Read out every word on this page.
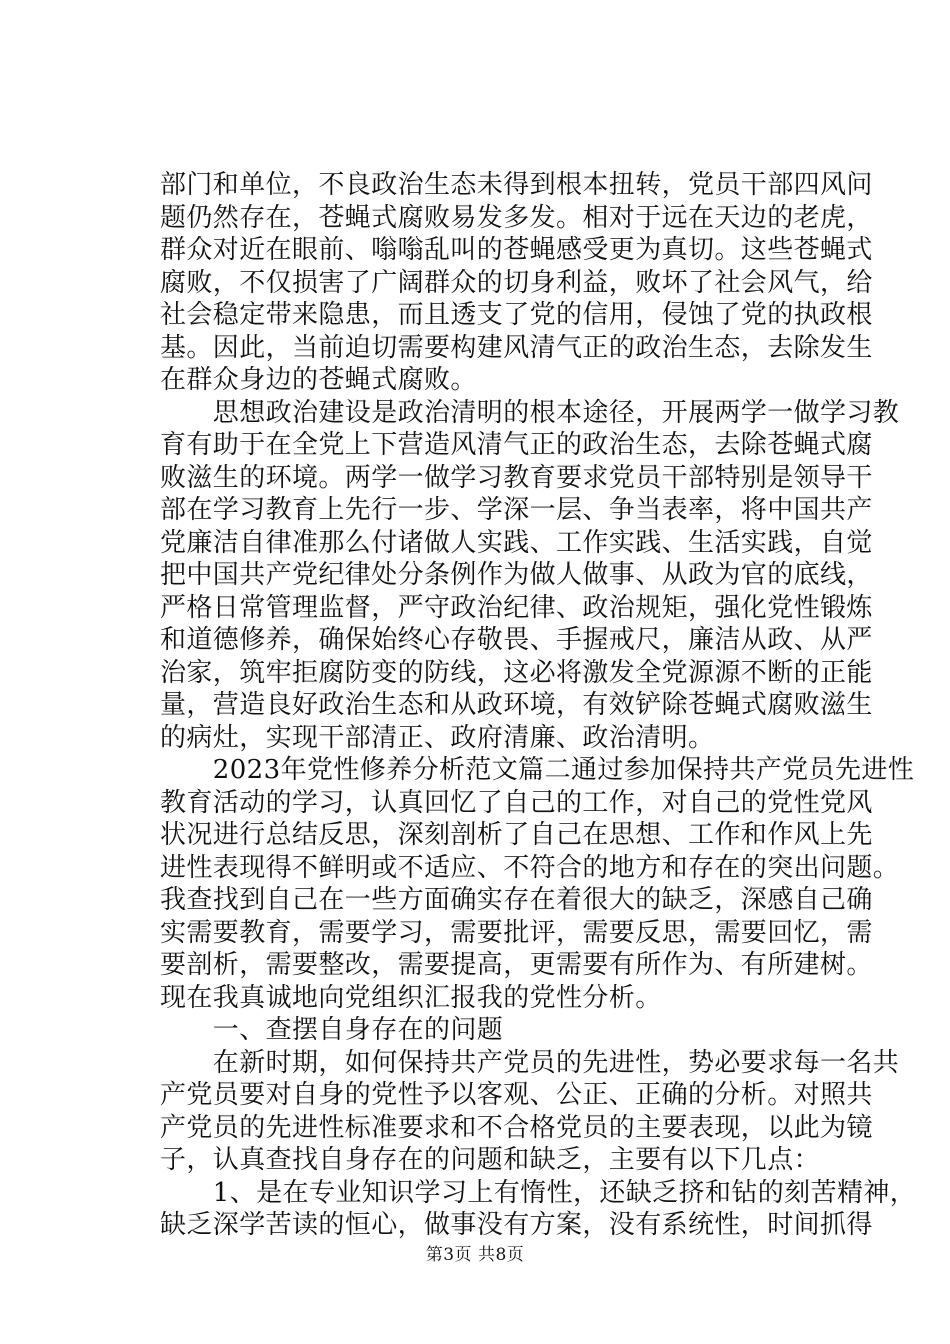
部门和单位，不良政治生态未得到根本扭转，党员干部四风问
题仍然存在，苍蝇式腐败易发多发。相对于远在天边的老虎，
群众对近在眼前、嗡嗡乱叫的苍蝇感受更为真切。这些苍蝇式
腐败，不仅损害了广阔群众的切身利益，败坏了社会风气，给
社会稳定带来隐患，而且透支了党的信用，侵蚀了党的执政根
基。因此，当前迫切需要构建风清气正的政治生态，去除发生
在群众身边的苍蝇式腐败。
　　思想政治建设是政治清明的根本途径，开展两学一做学习教
育有助于在全党上下营造风清气正的政治生态，去除苍蝇式腐
败滋生的环境。两学一做学习教育要求党员干部特别是领导干
部在学习教育上先行一步、学深一层、争当表率，将中国共产
党廉洁自律准那么付诸做人实践、工作实践、生活实践，自觉
把中国共产党纪律处分条例作为做人做事、从政为官的底线，
严格日常管理监督，严守政治纪律、政治规矩，强化党性锻炼
和道德修养，确保始终心存敬畏、手握戒尺，廉洁从政、从严
治家，筑牢拒腐防变的防线，这必将激发全党源源不断的正能
量，营造良好政治生态和从政环境，有效铲除苍蝇式腐败滋生
的病灶，实现干部清正、政府清廉、政治清明。
　　2023年党性修养分析范文篇二通过参加保持共产党员先进性
教育活动的学习，认真回忆了自己的工作，对自己的党性党风
状况进行总结反思，深刻剖析了自己在思想、工作和作风上先
进性表现得不鲜明或不适应、不符合的地方和存在的突出问题。
我查找到自己在一些方面确实存在着很大的缺乏，深感自己确
实需要教育，需要学习，需要批评，需要反思，需要回忆，需
要剖析，需要整改，需要提高，更需要有所作为、有所建树。
现在我真诚地向党组织汇报我的党性分析。
　　一、查摆自身存在的问题
　　在新时期，如何保持共产党员的先进性，势必要求每一名共
产党员要对自身的党性予以客观、公正、正确的分析。对照共
产党员的先进性标准要求和不合格党员的主要表现，以此为镜
子，认真查找自身存在的问题和缺乏，主要有以下几点：
　　1、是在专业知识学习上有惰性，还缺乏挤和钻的刻苦精神，
缺乏深学苦读的恒心，做事没有方案，没有系统性，时间抓得
第3页 共8页
